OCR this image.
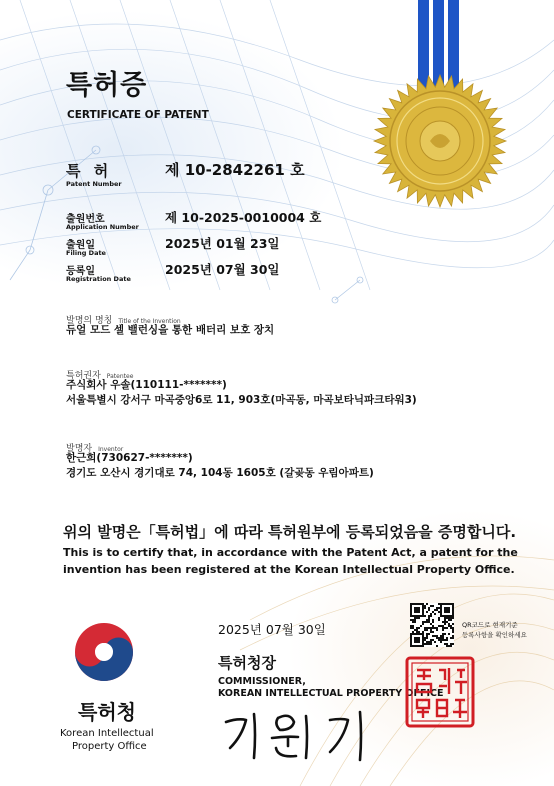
특허증
CERTIFICATE OF PATENT
특 허
Patent Number
제 10-2842261 호
출원번호
Application Number
제 10-2025-0010004 호
출원일
Filing Date
2025년 01월 23일
등록일
Registration Date
2025년 07월 30일
발명의 명칭 Title of the Invention
듀얼 모드 셀 밸런싱을 통한 배터리 보호 장치
특허권자 Patentee
주식회사 우솔(110111-*******)
서울특별시 강서구 마곡중앙6로 11, 903호(마곡동, 마곡보타닉파크타워3)
발명자 Inventor
한근희(730627-*******)
경기도 오산시 경기대로 74, 104동 1605호 (갈곶동 우림아파트)
위의 발명은「특허법」에 따라 특허원부에 등록되었음을 증명합니다.
This is to certify that, in accordance with the Patent Act, a patent for the
invention has been registered at the Korean Intellectual Property Office.
특허청
Korean Intellectual
Property Office
2025년 07월 30일	QR코드로 현재기준
등록사항을 확인하세요
특허청장
COMMISSIONER,
KOREAN INTELLECTUAL PROPERTY OFFICE
